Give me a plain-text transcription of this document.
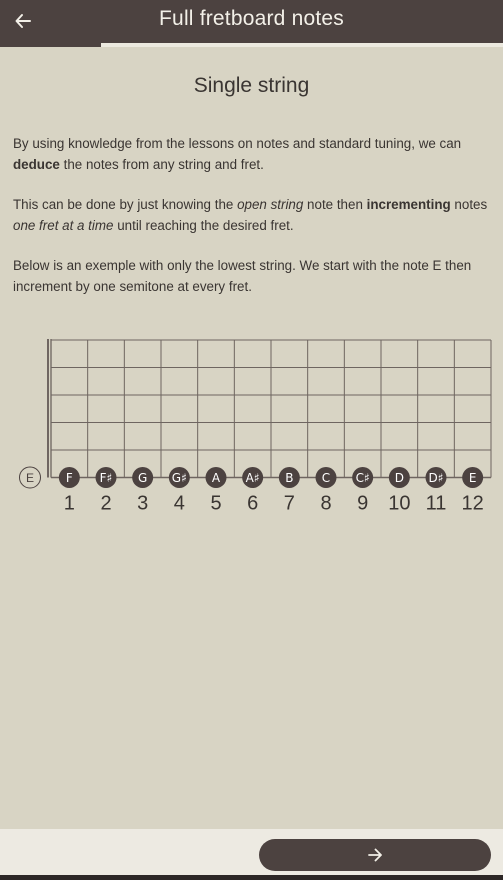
Full fretboard notes
Single string

By using knowledge from the lessons on notes and standard tuning, we can deduce the notes from any string and fret.

This can be done by just knowing the open string note then incrementing notes one fret at a time until reaching the desired fret.

Below is an exemple with only the lowest string. We start with the note E then increment by one semitone at every fret.

E	F
1
F♯
2
G
3
G♯
4
A
5
A♯
6
B
7
C
8
C♯
9
D
10
D♯
11
E
12
